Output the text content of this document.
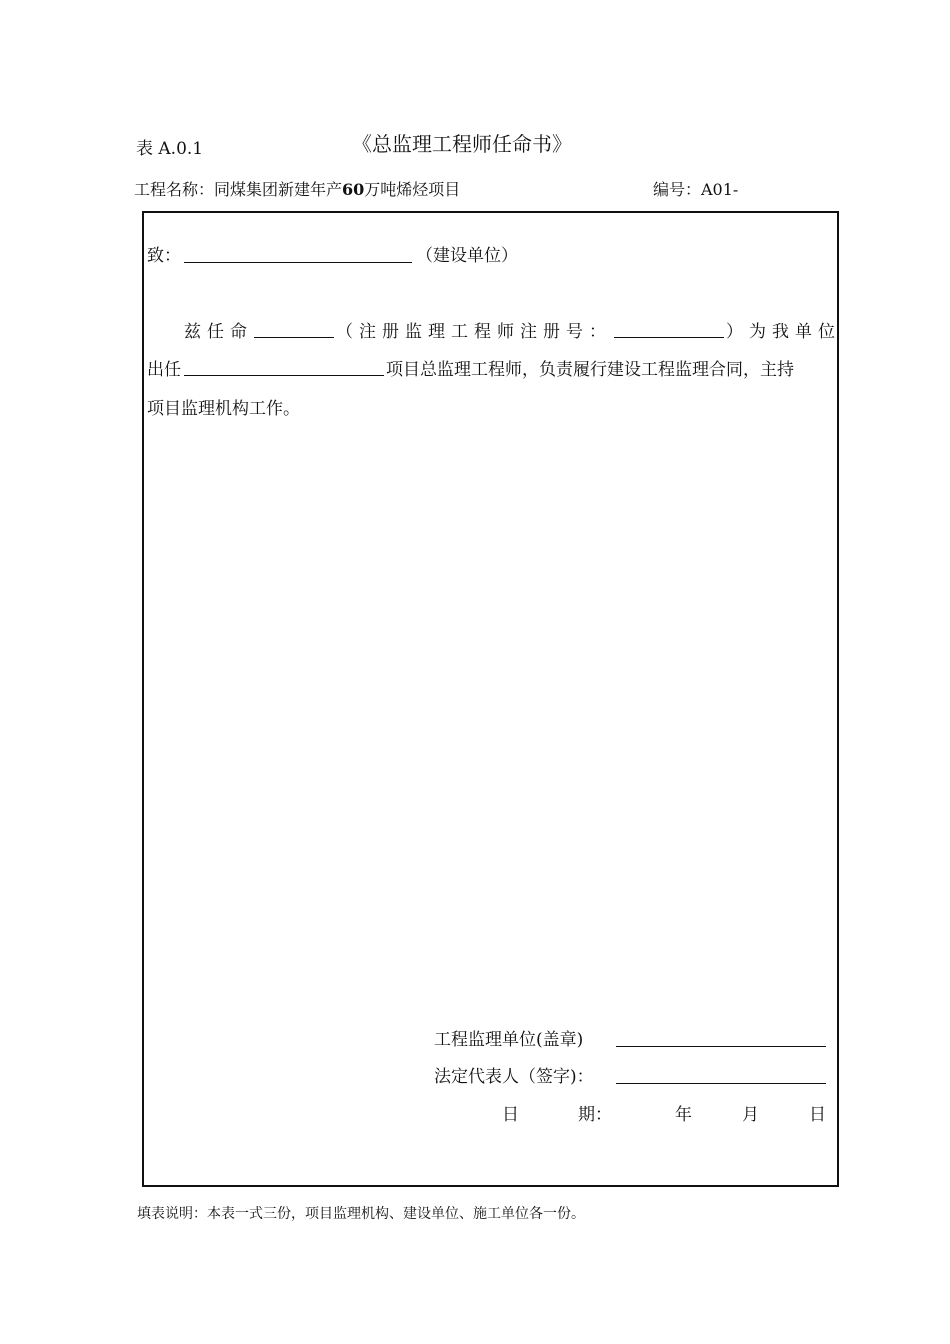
表 A.0.1	《总监理工程师任命书》
工程名称：同煤集团新建年产60万吨烯烃项目	编号：A01-
致：	（建设单位）
兹任命	（注册监理工程师注册号：	）为我单位
出任	项目总监理工程师，负责履行建设工程监理合同，主持
项目监理机构工作。
工程监理单位(盖章)
法定代表人（签字)：
日	期：	年	月	日
填表说明：本表一式三份，项目监理机构、建设单位、施工单位各一份。
